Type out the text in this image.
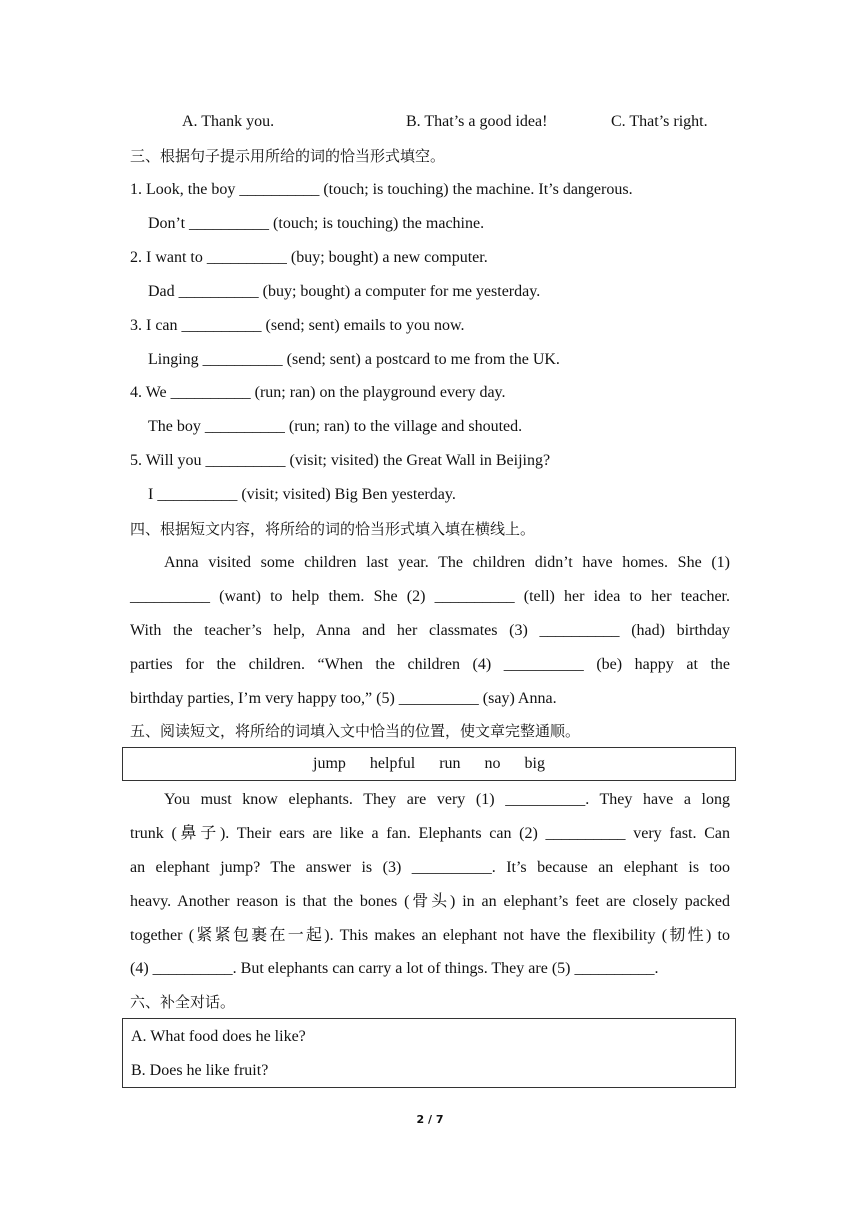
A. Thank you.	B. That’s a good idea!	C. That’s right.
三、根据句子提示用所给的词的恰当形式填空。
1. Look, the boy __________ (touch; is touching) the machine. It’s dangerous.
Don’t __________ (touch; is touching) the machine.
2. I want to __________ (buy; bought) a new computer.
Dad __________ (buy; bought) a computer for me yesterday.
3. I can __________ (send; sent) emails to you now.
Linging __________ (send; sent) a postcard to me from the UK.
4. We __________ (run; ran) on the playground every day.
The boy __________ (run; ran) to the village and shouted.
5. Will you __________ (visit; visited) the Great Wall in Beijing?
I __________ (visit; visited) Big Ben yesterday.
四、根据短文内容，将所给的词的恰当形式填入填在横线上。
Anna visited some children last year. The children didn’t have homes. She (1)
__________ (want) to help them. She (2) __________ (tell) her idea to her teacher.
With the teacher’s help, Anna and her classmates (3) __________ (had) birthday
parties for the children. “When the children (4) __________ (be) happy at the
birthday parties, I’m very happy too,” (5) __________ (say) Anna.
五、阅读短文，将所给的词填入文中恰当的位置，使文章完整通顺。
jump helpful run no big
You must know elephants. They are very (1) __________. They have a long
trunk (鼻子). Their ears are like a fan. Elephants can (2) __________ very fast. Can
an elephant jump? The answer is (3) __________. It’s because an elephant is too
heavy. Another reason is that the bones (骨头) in an elephant’s feet are closely packed
together (紧紧包裹在一起). This makes an elephant not have the flexibility (韧性) to
(4) __________. But elephants can carry a lot of things. They are (5) __________.
六、补全对话。
A. What food does he like?
B. Does he like fruit?
2 / 7
